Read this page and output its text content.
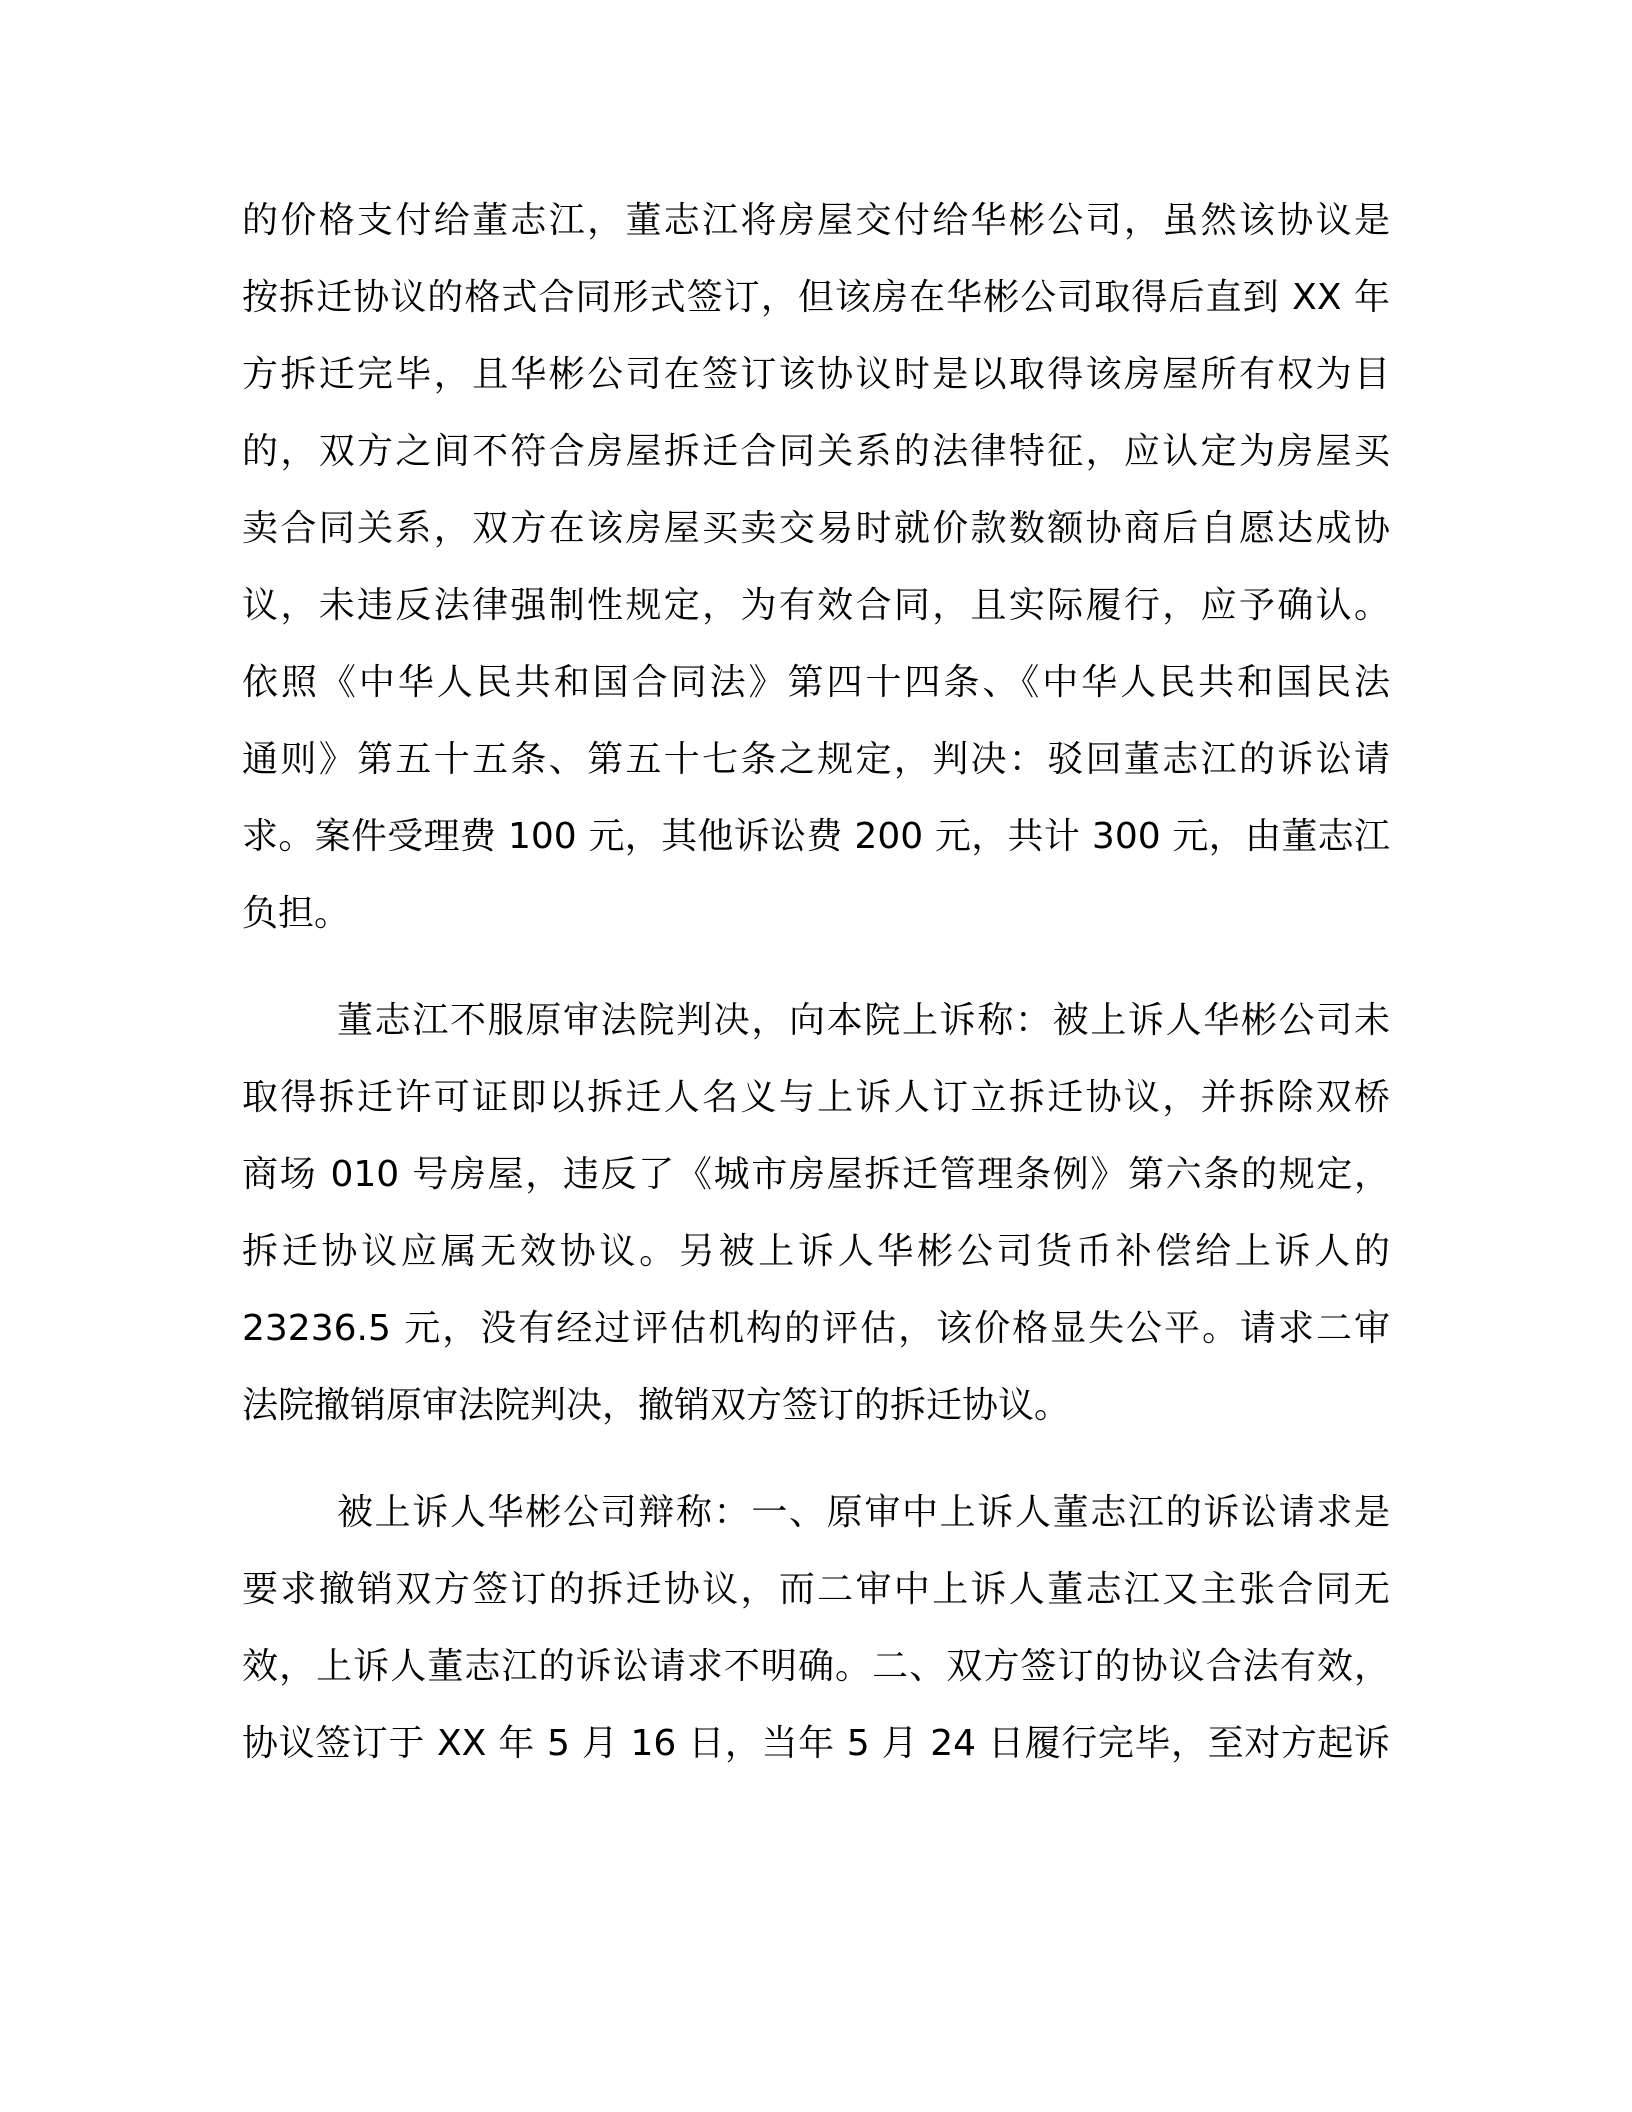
的价格支付给董志江，董志江将房屋交付给华彬公司，虽然该协议是
按拆迁协议的格式合同形式签订，但该房在华彬公司取得后直到 XX 年
方拆迁完毕，且华彬公司在签订该协议时是以取得该房屋所有权为目
的，双方之间不符合房屋拆迁合同关系的法律特征，应认定为房屋买
卖合同关系，双方在该房屋买卖交易时就价款数额协商后自愿达成协
议，未违反法律强制性规定，为有效合同，且实际履行，应予确认。
依照《中华人民共和国合同法》第四十四条、《中华人民共和国民法
通则》第五十五条、第五十七条之规定，判决：驳回董志江的诉讼请
求。案件受理费 100 元，其他诉讼费 200 元，共计 300 元，由董志江
负担。
董志江不服原审法院判决，向本院上诉称：被上诉人华彬公司未
取得拆迁许可证即以拆迁人名义与上诉人订立拆迁协议，并拆除双桥
商场 010 号房屋，违反了《城市房屋拆迁管理条例》第六条的规定，
拆迁协议应属无效协议。另被上诉人华彬公司货币补偿给上诉人的
23236.5 元，没有经过评估机构的评估，该价格显失公平。请求二审
法院撤销原审法院判决，撤销双方签订的拆迁协议。
被上诉人华彬公司辩称：一、原审中上诉人董志江的诉讼请求是
要求撤销双方签订的拆迁协议，而二审中上诉人董志江又主张合同无
效，上诉人董志江的诉讼请求不明确。二、双方签订的协议合法有效，
协议签订于 XX 年 5 月 16 日，当年 5 月 24 日履行完毕，至对方起诉
